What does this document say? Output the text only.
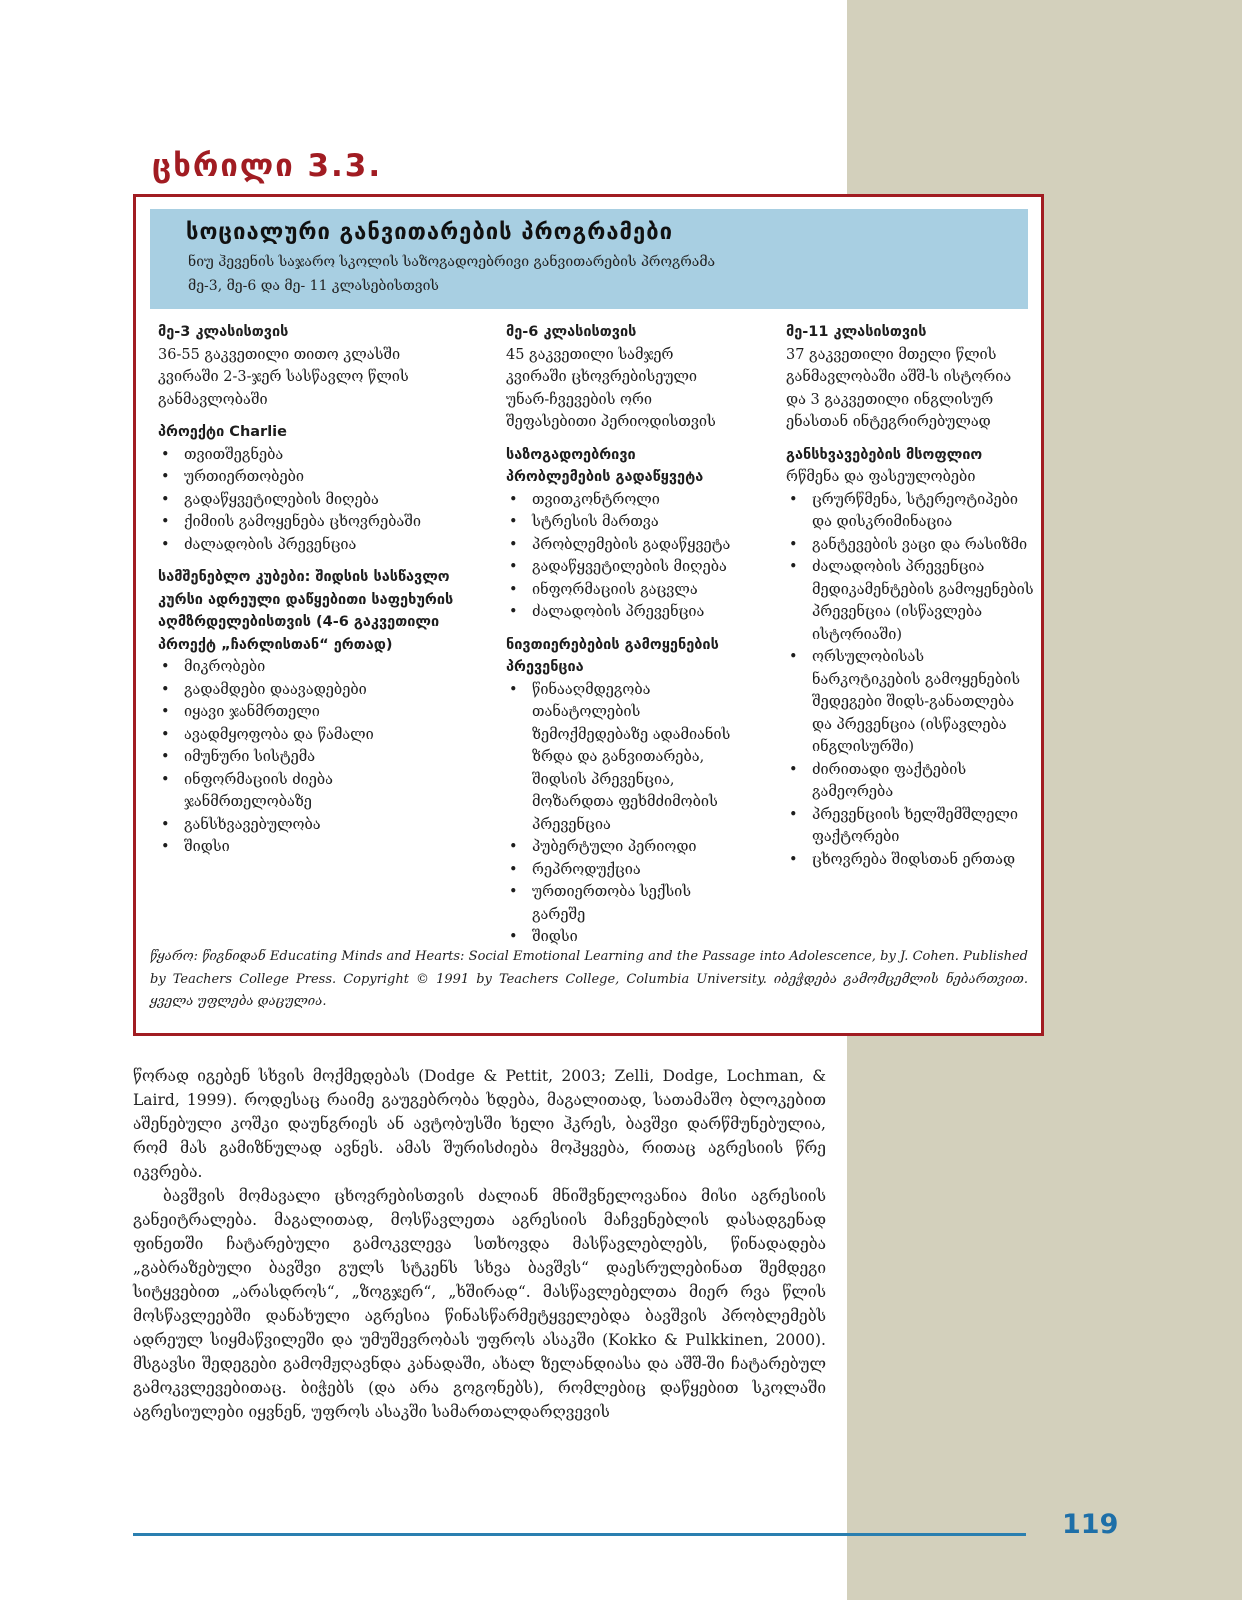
ცხრილი 3.3.
სოციალური განვითარების პროგრამები
ნიუ ჰევენის საჯარო სკოლის საზოგადოებრივი განვითარების პროგრამა
მე-3, მე-6 და მე- 11 კლასებისთვის
მე-3 კლასისთვის

36-55 გაკვეთილი თითო კლასში კვირაში 2-3-ჯერ სასწავლო წლის განმავლობაში

პროექტი Charlie
• თვითშეგნება
• ურთიერთობები
• გადაწყვეტილების მიღება
• ქიმიის გამოყენება ცხოვრებაში
• ძალადობის პრევენცია
სამშენებლო კუბები: შიდსის სასწავლო კურსი ადრეული დაწყებითი საფეხურის აღმზრდელებისთვის (4-6 გაკვეთილი პროექტ „ჩარლისთან“ ერთად)
• მიკრობები
• გადამდები დაავადებები
• იყავი ჯანმრთელი
• ავადმყოფობა და წამალი
• იმუნური სისტემა
• ინფორმაციის ძიება ჯანმრთელობაზე
• განსხვავებულობა
• შიდსი
მე-6 კლასისთვის

45 გაკვეთილი სამჯერ კვირაში ცხოვრებისეული უნარ-ჩვევების ორი შეფასებითი პერიოდისთვის

საზოგადოებრივი პრობლემების გადაწყვეტა
• თვითკონტროლი
• სტრესის მართვა
• პრობლემების გადაწყვეტა
• გადაწყვეტილების მიღება
• ინფორმაციის გაცვლა
• ძალადობის პრევენცია
ნივთიერებების გამოყენების პრევენცია
• წინააღმდეგობა თანატოლების ზემოქმედებაზე ადამიანის ზრდა და განვითარება, შიდსის პრევენცია, მოზარდთა ფეხმძიმობის პრევენცია
• პუბერტული პერიოდი
• რეპროდუქცია
• ურთიერთობა სექსის გარეშე
• შიდსი
მე-11 კლასისთვის

37 გაკვეთილი მთელი წლის განმავლობაში აშშ-ს ისტორია და 3 გაკვეთილი ინგლისურ ენასთან ინტეგრირებულად

განსხვავებების მსოფლიო

რწმენა და ფასეულობები

• ცრურწმენა, სტერეოტიპები და დისკრიმინაცია
• განტევების ვაცი და რასიზმი
• ძალადობის პრევენცია მედიკამენტების გამოყენების პრევენცია (ისწავლება ისტორიაში)
• ორსულობისას ნარკოტიკების გამოყენების შედეგები შიდს-განათლება და პრევენცია (ისწავლება ინგლისურში)
• ძირითადი ფაქტების გამეორება
• პრევენციის ხელშემშლელი ფაქტორები
• ცხოვრება შიდსთან ერთად
წყარო: წიგნიდან Educating Minds and Hearts: Social Emotional Learning and the Passage into Adolescence, by J. Cohen. Published by Teachers College Press. Copyright © 1991 by Teachers College, Columbia University. იბეჭდება გამომცემლის ნებართვით. ყველა უფლება დაცულია.

წორად იგებენ სხვის მოქმედებას (Dodge & Pettit, 2003; Zelli, Dodge, Lochman, & Laird, 1999). როდესაც რაიმე გაუგებრობა ხდება, მაგალითად, სათამაშო ბლოკებით აშენებული კოშკი დაუნგრიეს ან ავტობუსში ხელი ჰკრეს, ბავშვი დარწმუნებულია, რომ მას გამიზნულად ავნეს. ამას შურისძიება მოჰყვება, რითაც აგრესიის წრე იკვრება.

ბავშვის მომავალი ცხოვრებისთვის ძალიან მნიშვნელოვანია მისი აგრესიის განეიტრალება. მაგალითად, მოსწავლეთა აგრესიის მაჩვენებლის დასადგენად ფინეთში ჩატარებული გამოკვლევა სთხოვდა მასწავლებლებს, წინადადება „გაბრაზებული ბავშვი გულს სტკენს სხვა ბავშვს“ დაესრულებინათ შემდეგი სიტყვებით „არასდროს“, „ზოგჯერ“, „ხშირად“. მასწავლებელთა მიერ რვა წლის მოსწავლეებში დანახული აგრესია წინასწარმეტყველებდა ბავშვის პრობლემებს ადრეულ სიყმაწვილეში და უმუშევრობას უფროს ასაკში (Kokko & Pulkkinen, 2000). მსგავსი შედეგები გამომჟღავნდა კანადაში, ახალ ზელანდიასა და აშშ-ში ჩატარებულ გამოკვლევებითაც. ბიჭებს (და არა გოგონებს), რომლებიც დაწყებით სკოლაში აგრესიულები იყვნენ, უფროს ასაკში სამართალდარღვევის

119
